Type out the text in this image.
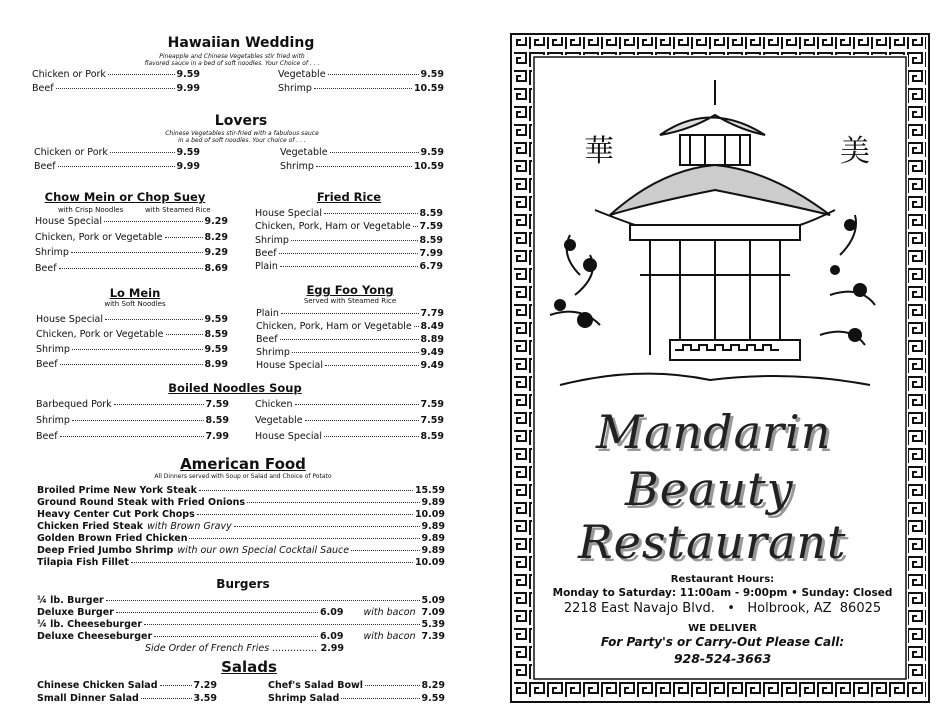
Hawaiian Wedding
Pineapple and Chinese Vegetables stir fried with
flavored sauce in a bed of soft noodles. Your Choice of . . .
Chicken or Pork	9.59
Beef	9.99
Vegetable	9.59
Shrimp	10.59
Lovers
Chinese Vegetables stir-fried with a fabulous sauce
in a bed of soft noodles. Your choice of . . .
Chicken or Pork	9.59
Beef	9.99
Vegetable	9.59
Shrimp	10.59
Chow Mein or Chop Suey
with Crisp Noodles	with Steamed Rice
House Special	9.29
Chicken, Pork or Vegetable	8.29
Shrimp	9.29
Beef	8.69
Fried Rice
House Special	8.59
Chicken, Pork, Ham or Vegetable 7.59
Shrimp	8.59
Beef	7.99
Plain	6.79
Lo Mein
with Soft Noodles
House Special	9.59
Chicken, Pork or Vegetable	8.59
Shrimp	9.59
Beef	8.99
Egg Foo Yong
Served with Steamed Rice
Plain	7.79
Chicken, Pork, Ham or Vegetable 8.49
Beef	8.89
Shrimp	9.49
House Special	9.49
Boiled Noodles Soup
Barbequed Pork	7.59
Shrimp	8.59
Beef	7.99
Chicken	7.59
Vegetable	7.59
House Special	8.59
American Food
All Dinners served with Soup or Salad and Choice of Potato
Broiled Prime New York Steak	15.59
Ground Round Steak with Fried Onions	9.89
Heavy Center Cut Pork Chops	10.09
Chicken Fried Steak with Brown Gravy	9.89
Golden Brown Fried Chicken	9.89
Deep Fried Jumbo Shrimp with our own Special Cocktail Sauce	9.89
Tilapia Fish Fillet	10.09
Burgers
¼ lb. Burger	5.09
Deluxe Burger	6.09 with bacon 7.09
¼ lb. Cheeseburger	5.39
Deluxe Cheeseburger	6.09 with bacon 7.39
Side Order of French Fries ............... 2.99
Salads
Chinese Chicken Salad	7.29
Small Dinner Salad	3.59
Chef's Salad Bowl	8.29
Shrimp Salad	9.59
華	美
Mandarin
Beauty
Restaurant
Restaurant Hours:
Monday to Saturday: 11:00am - 9:00pm • Sunday: Closed
2218 East Navajo Blvd.   •   Holbrook, AZ  86025
WE DELIVER
For Party's or Carry-Out Please Call:
928-524-3663
